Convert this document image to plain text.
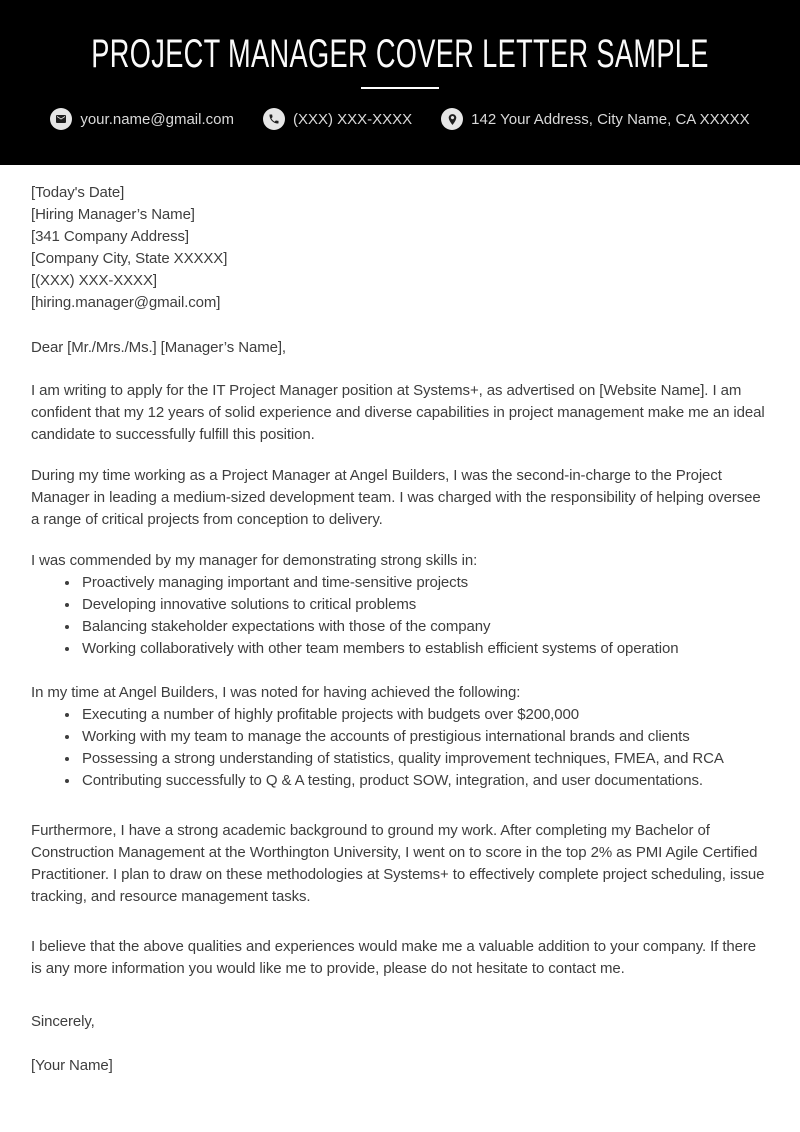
PROJECT MANAGER COVER LETTER SAMPLE
your.name@gmail.com	(XXX) XXX-XXXX	142 Your Address, City Name, CA XXXXX

[Today's Date]

[Hiring Manager’s Name]
[341 Company Address]
[Company City, State XXXXX]
[(XXX) XXX-XXXX]
[hiring.manager@gmail.com]

Dear [Mr./Mrs./Ms.] [Manager’s Name],

I am writing to apply for the IT Project Manager position at Systems+, as advertised on [Website Name]. I am confident that my 12 years of solid experience and diverse capabilities in project management make me an ideal candidate to successfully fulfill this position.

During my time working as a Project Manager at Angel Builders, I was the second-in-charge to the Project Manager in leading a medium-sized development team. I was charged with the responsibility of helping oversee a range of critical projects from conception to delivery.

I was commended by my manager for demonstrating strong skills in:

• Proactively managing important and time-sensitive projects
• Developing innovative solutions to critical problems
• Balancing stakeholder expectations with those of the company
• Working collaboratively with other team members to establish efficient systems of operation

In my time at Angel Builders, I was noted for having achieved the following:

• Executing a number of highly profitable projects with budgets over $200,000
• Working with my team to manage the accounts of prestigious international brands and clients
• Possessing a strong understanding of statistics, quality improvement techniques, FMEA, and RCA
• Contributing successfully to Q & A testing, product SOW, integration, and user documentations.

Furthermore, I have a strong academic background to ground my work. After completing my Bachelor of Construction Management at the Worthington University, I went on to score in the top 2% as PMI Agile Certified Practitioner. I plan to draw on these methodologies at Systems+ to effectively complete project scheduling, issue tracking, and resource management tasks.

I believe that the above qualities and experiences would make me a valuable addition to your company. If there is any more information you would like me to provide, please do not hesitate to contact me.

Sincerely,

[Your Name]
